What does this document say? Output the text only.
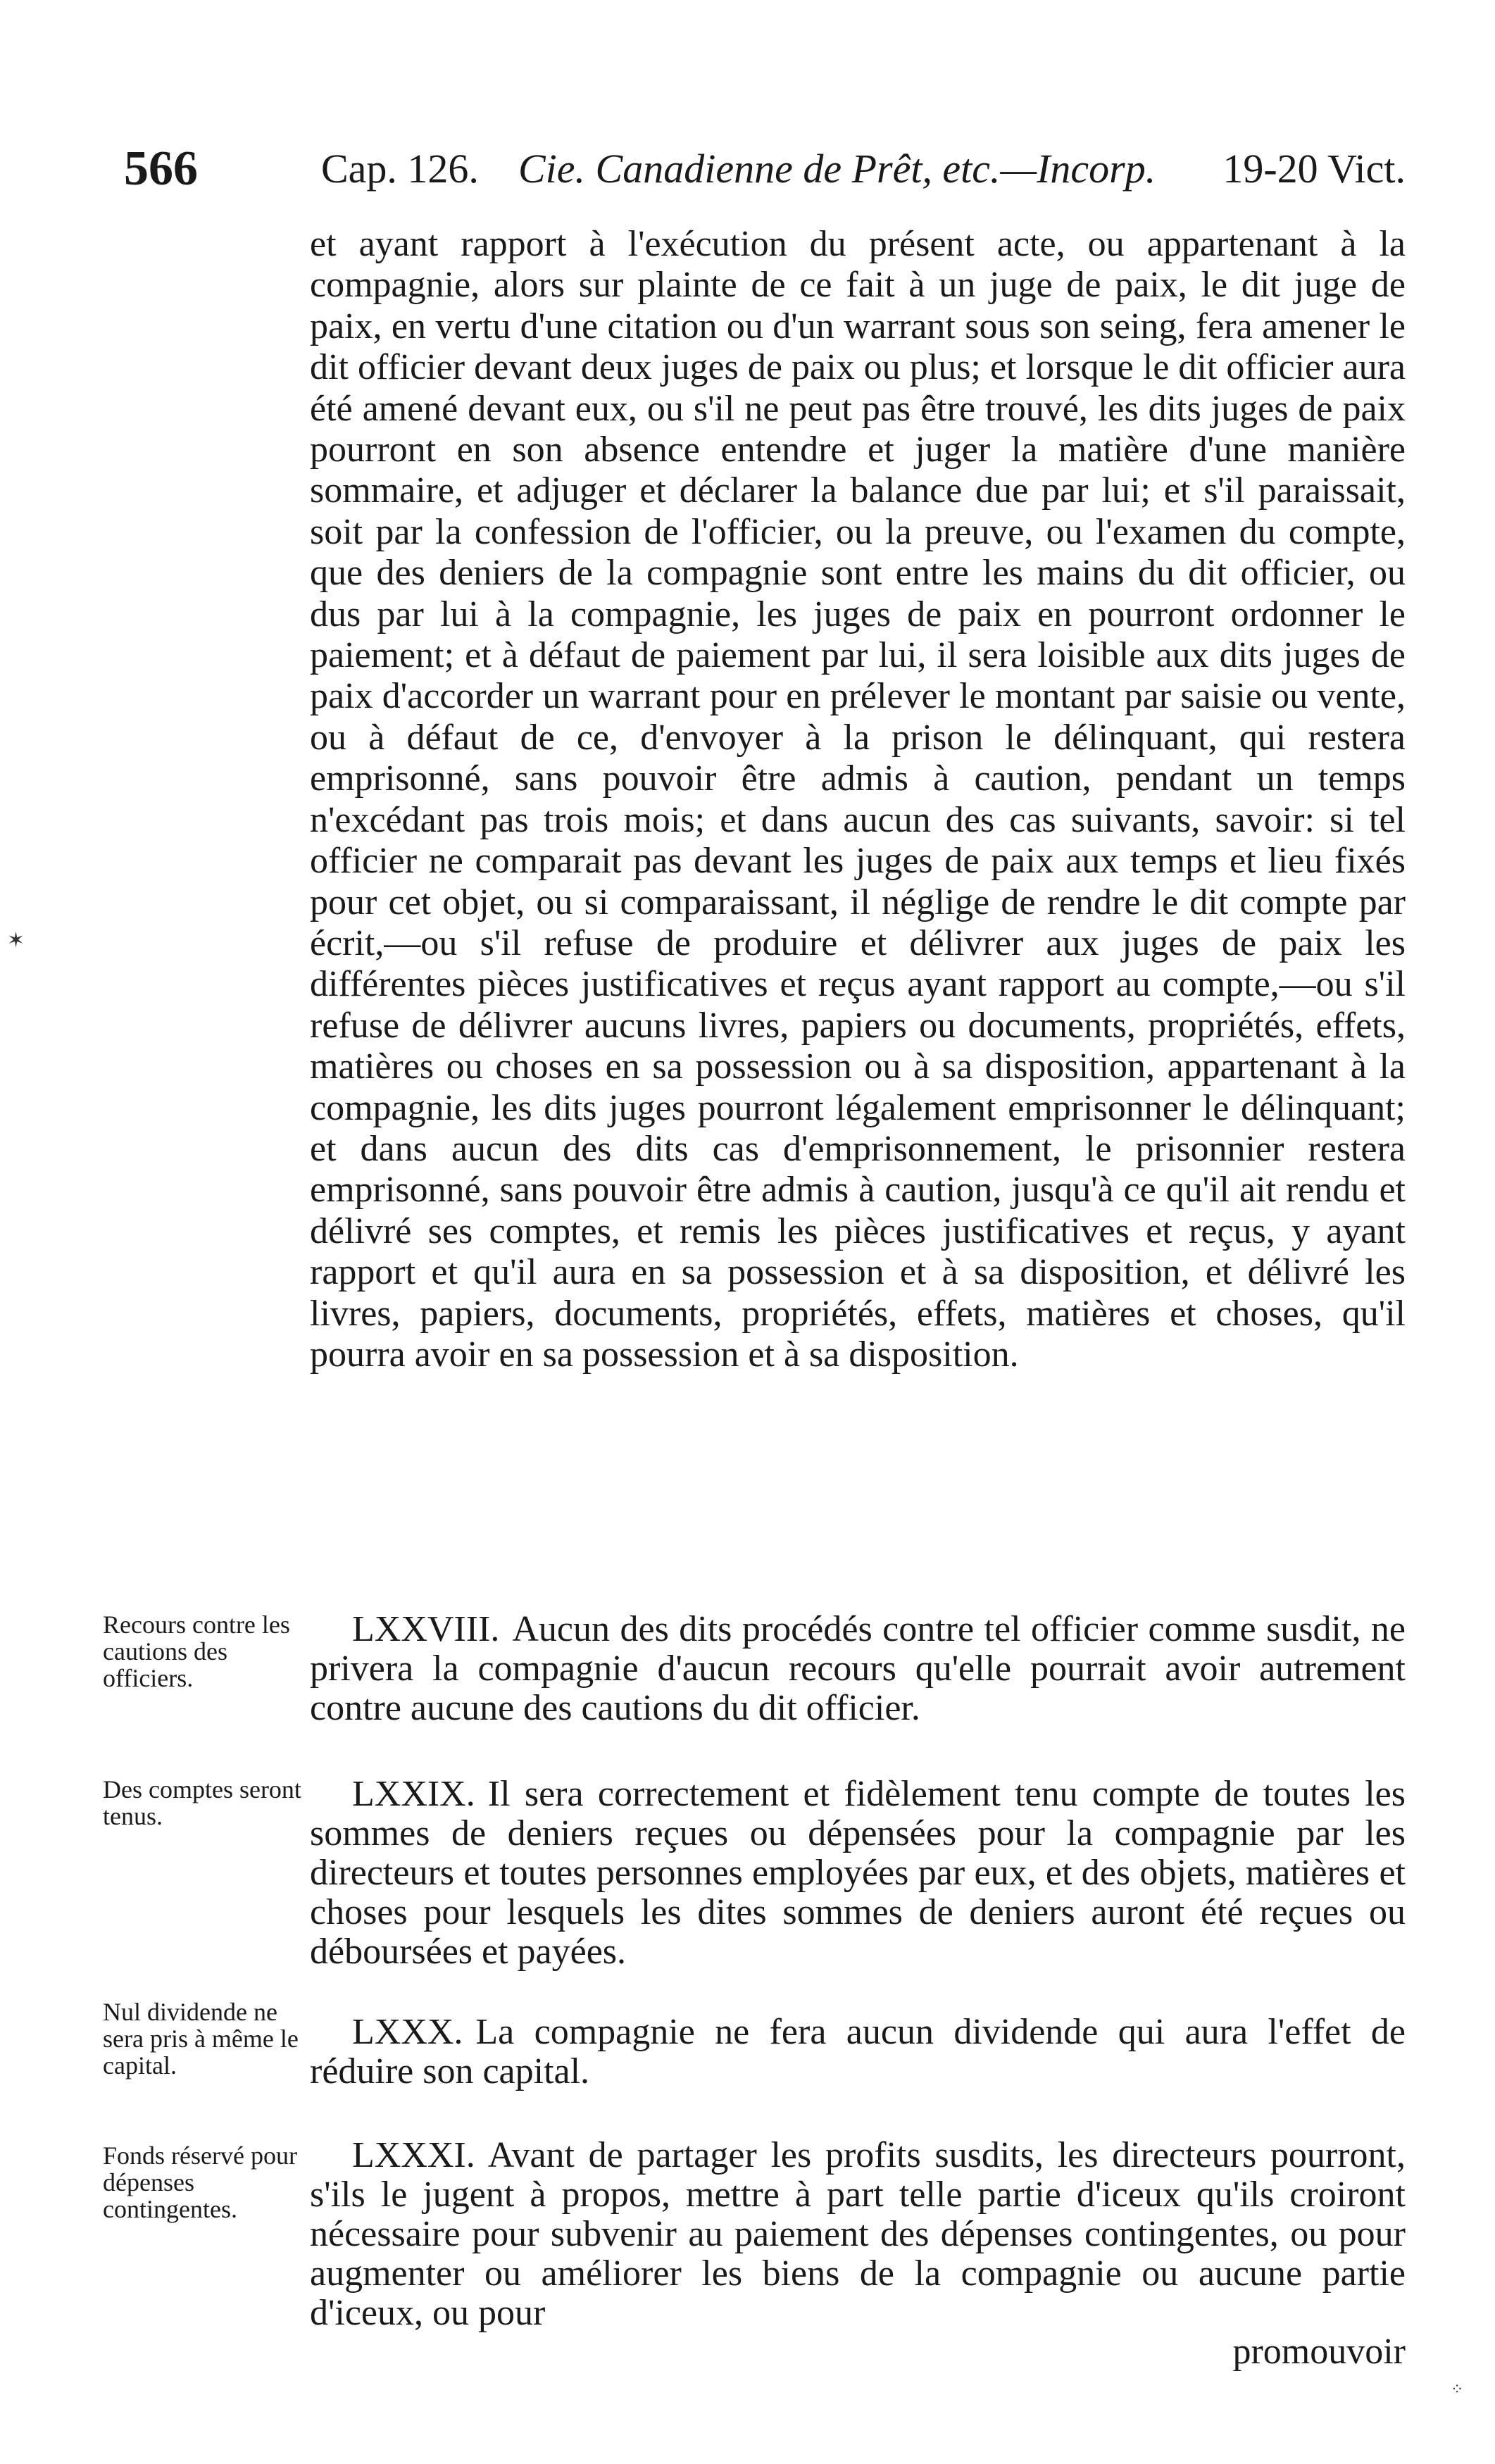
566	Cap. 126. Cie. Canadienne de Prêt, etc.—Incorp. 19-20 Vict.

et ayant rapport à l'exécution du présent acte, ou appartenant à la compagnie, alors sur plainte de ce fait à un juge de paix, le dit juge de paix, en vertu d'une citation ou d'un warrant sous son seing, fera amener le dit officier devant deux juges de paix ou plus; et lorsque le dit officier aura été amené devant eux, ou s'il ne peut pas être trouvé, les dits juges de paix pourront en son absence entendre et juger la matière d'une manière sommaire, et adjuger et déclarer la balance due par lui; et s'il paraissait, soit par la confession de l'officier, ou la preuve, ou l'examen du compte, que des deniers de la compagnie sont entre les mains du dit officier, ou dus par lui à la compagnie, les juges de paix en pourront ordonner le paiement; et à défaut de paiement par lui, il sera loisible aux dits juges de paix d'accorder un warrant pour en prélever le montant par saisie ou vente, ou à défaut de ce, d'envoyer à la prison le délinquant, qui restera emprisonné, sans pouvoir être admis à caution, pendant un temps n'excédant pas trois mois; et dans aucun des cas suivants, savoir: si tel officier ne comparait pas devant les juges de paix aux temps et lieu fixés pour cet objet, ou si comparaissant, il néglige de rendre le dit compte par écrit,—ou s'il refuse de produire et délivrer aux juges de paix les différentes pièces justificatives et reçus ayant rapport au compte,—ou s'il refuse de délivrer aucuns livres, papiers ou documents, propriétés, effets, matières ou choses en sa possession ou à sa disposition, appartenant à la compagnie, les dits juges pourront légalement emprisonner le délinquant; et dans aucun des dits cas d'emprisonnement, le prisonnier restera emprisonné, sans pouvoir être admis à caution, jusqu'à ce qu'il ait rendu et délivré ses comptes, et remis les pièces justificatives et reçus, y ayant rapport et qu'il aura en sa possession et à sa disposition, et délivré les livres, papiers, documents, propriétés, effets, matières et choses, qu'il pourra avoir en sa possession et à sa disposition.

✶

Recours contre les cautions des officiers.

LXXVIII. Aucun des dits procédés contre tel officier comme susdit, ne privera la compagnie d'aucun recours qu'elle pourrait avoir autrement contre aucune des cautions du dit officier.

Des comptes seront tenus.

LXXIX. Il sera correctement et fidèlement tenu compte de toutes les sommes de deniers reçues ou dépensées pour la compagnie par les directeurs et toutes personnes employées par eux, et des objets, matières et choses pour lesquels les dites sommes de deniers auront été reçues ou déboursées et payées.

Nul dividende ne sera pris à même le capital.

LXXX. La compagnie ne fera aucun dividende qui aura l'effet de réduire son capital.

Fonds réservé pour dépenses contingentes.

LXXXI. Avant de partager les profits susdits, les directeurs pourront, s'ils le jugent à propos, mettre à part telle partie d'iceux qu'ils croiront nécessaire pour subvenir au paiement des dépenses contingentes, ou pour augmenter ou améliorer les biens de la compagnie ou aucune partie d'iceux, ou pour

promouvoir
⁘
